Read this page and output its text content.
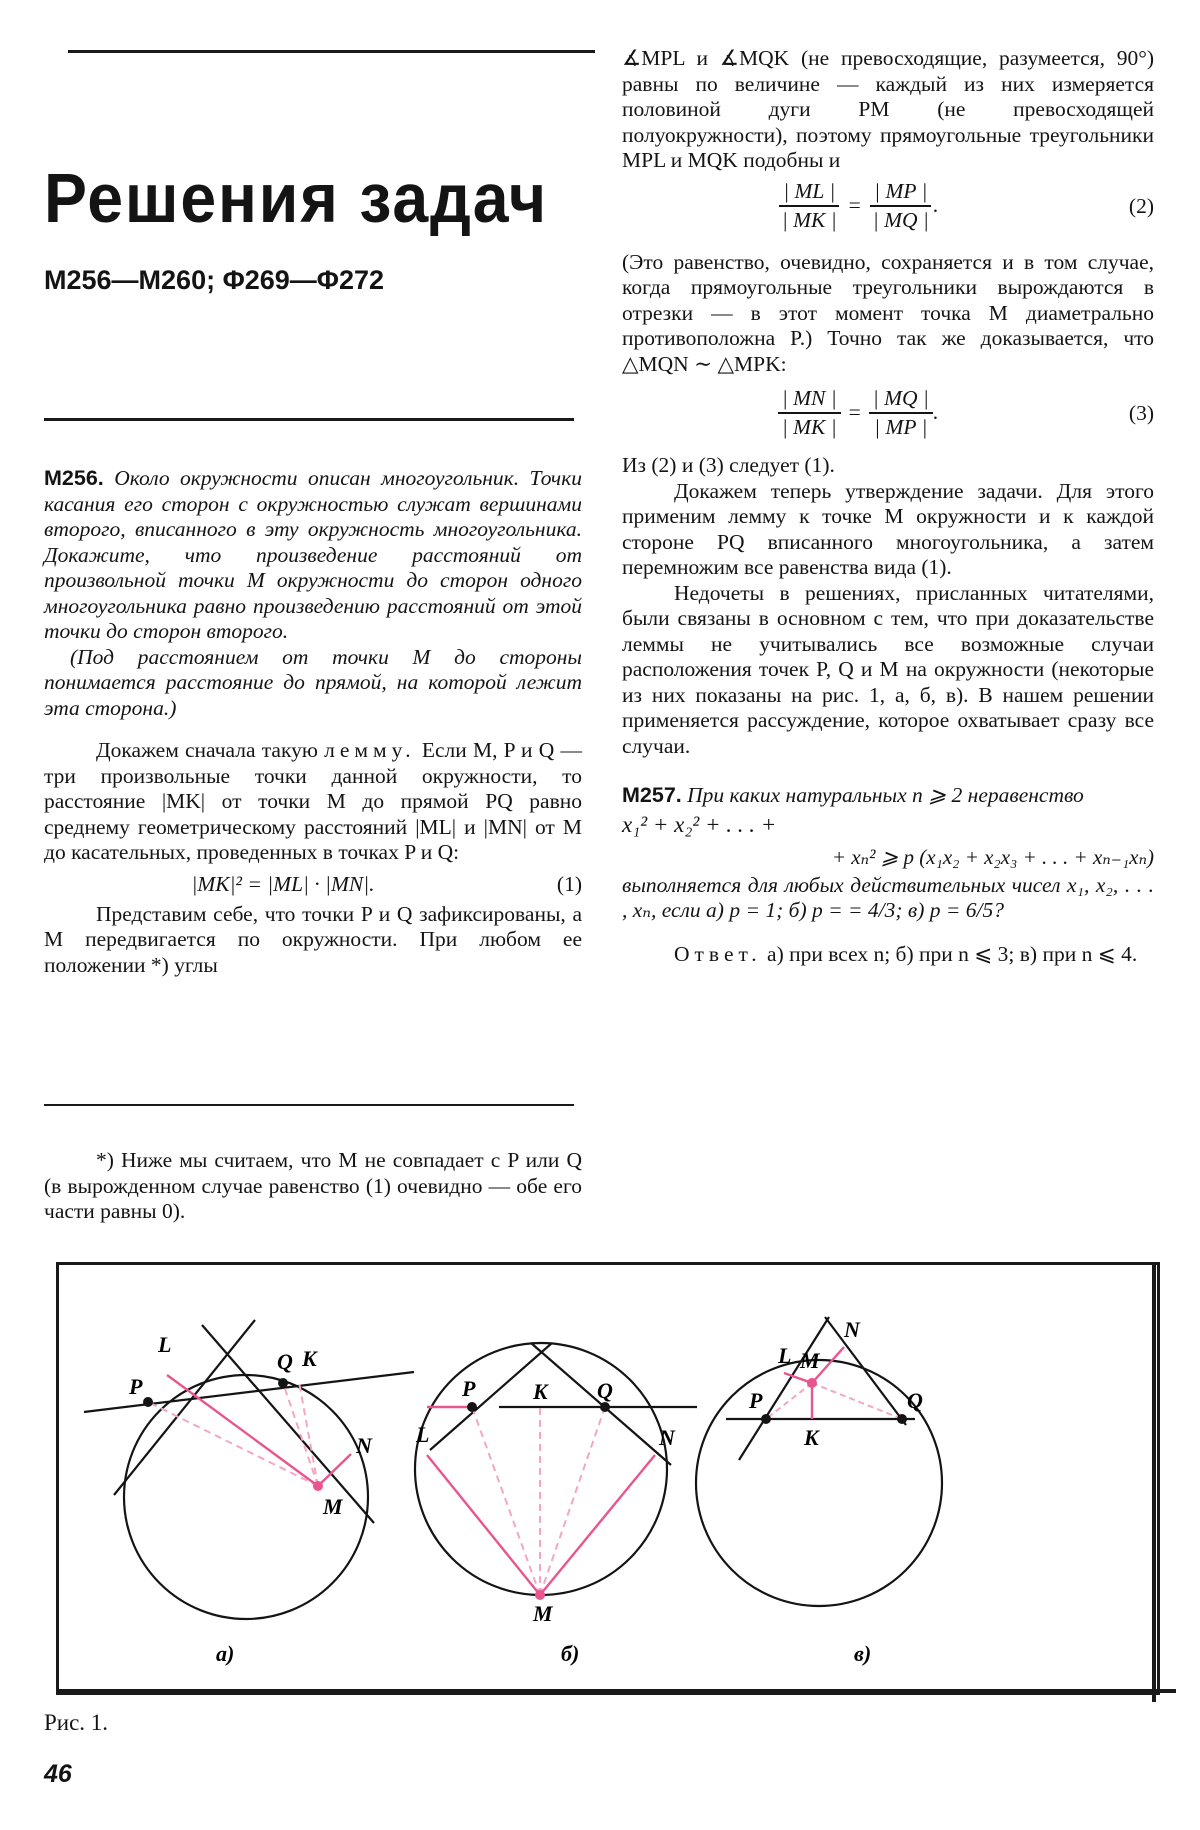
Решения задач
M256—M260; Φ269—Φ272

M256. Около окружности описан многоугольник. Точки касания его сторон с окружностью служат вершинами второго, вписанного в эту окружность многоугольника. Докажите, что произведение расстояний от произвольной точки M окружности до сторон одного многоугольника равно произведению расстояний от этой точки до сторон второго.

(Под расстоянием от точки M до стороны понимается расстояние до прямой, на которой лежит эта сторона.)

Докажем сначала такую лемму. Если M, P и Q — три произвольные точки данной окружности, то расстояние |MK| от точки M до прямой PQ равно среднему геометрическому расстояний |ML| и |MN| от M до касательных, проведенных в точках P и Q:

|MK|² = |ML| · |MN|.	(1)

Представим себе, что точки P и Q зафиксированы, а M передвигается по окружности. При любом ее положении *) углы

*) Ниже мы считаем, что M не совпадает с P или Q (в вырожденном случае равенство (1) очевидно — обе его части равны 0).

∡MPL и ∡MQK (не превосходящие, разумеется, 90°) равны по величине — каждый из них измеряется половиной дуги PM (не превосходящей полуокружности), поэтому прямоугольные треугольники MPL и MQK подобны и

$\frac{| ML |}{| MK |} = \frac{| MP |}{| MQ |}$ .	(2)

(Это равенство, очевидно, сохраняется и в том случае, когда прямоугольные треугольники вырождаются в отрезки — в этот момент точка M диаметрально противоположна P.) Точно так же доказывается, что △MQN ∼ △MPK:

$\frac{| MN |}{| MK |} = \frac{| MQ |}{| MP |}$ .	(3)

Из (2) и (3) следует (1).

Докажем теперь утверждение задачи. Для этого применим лемму к точке M окружности и к каждой стороне PQ вписанного многоугольника, а затем перемножим все равенства вида (1).

Недочеты в решениях, присланных читателями, были связаны в основном с тем, что при доказательстве леммы не учитывались все возможные случаи расположения точек P, Q и M на окружности (некоторые из них показаны на рис. 1, а, б, в). В нашем решении применяется рассуждение, которое охватывает сразу все случаи.

M257. При каких натуральных n ⩾ 2 неравенство

x₁² + x₂² + . . . +

+ xₙ² ⩾ p (x₁x₂ + x₂x₃ + . . . + xₙ₋₁xₙ)

выполняется для любых действительных чисел x₁, x₂, . . . , xₙ, если а) p = 1; б) p = = 4/3; в) p = 6/5?

Ответ. а) при всех n; б) при n ⩽ 3; в) при n ⩽ 4.

P
L
Q K
N
M
а)
P	K Q
L	N
M
б)
P
L M
N
Q
K
в)
Рис. 1.
46
